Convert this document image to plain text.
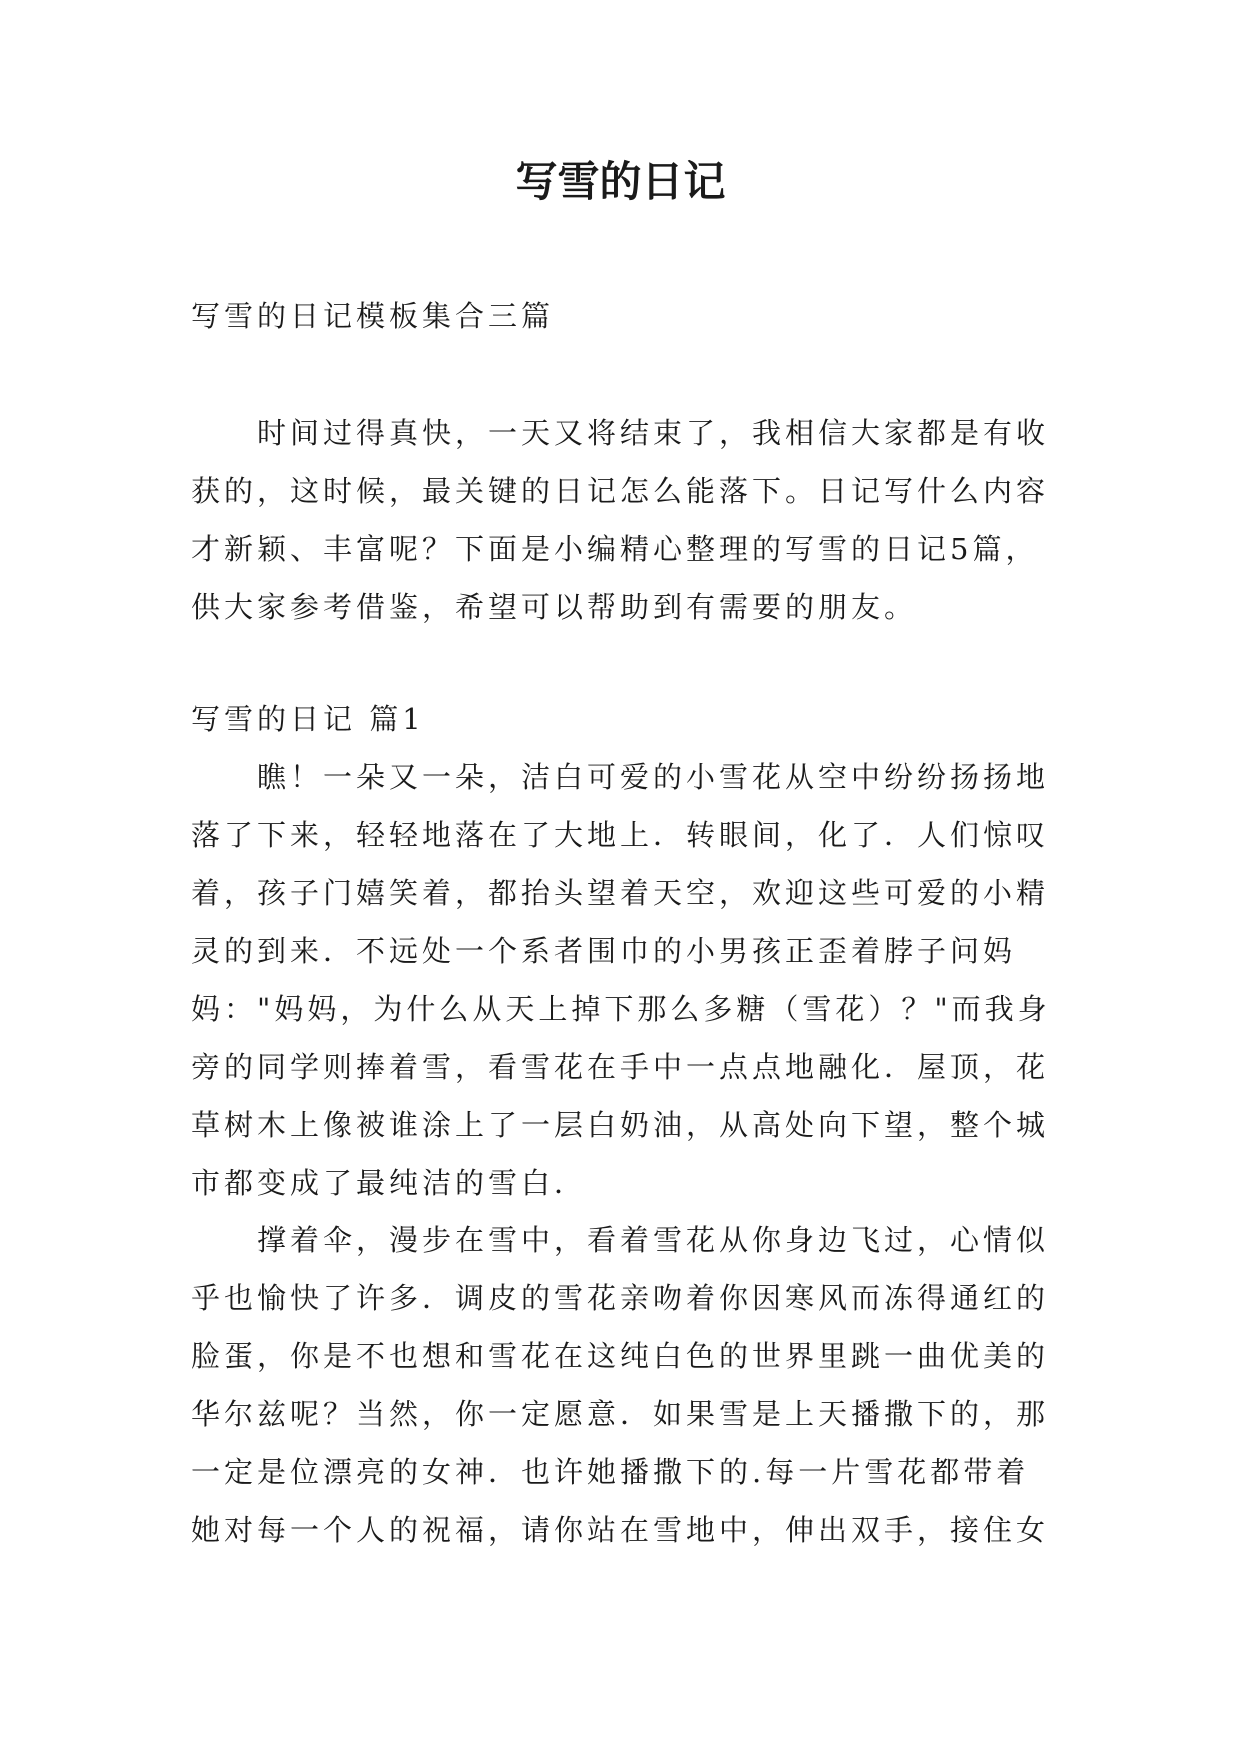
写雪的日记

写雪的日记模板集合三篇

时间过得真快，一天又将结束了，我相信大家都是有收
获的，这时候，最关键的日记怎么能落下。日记写什么内容
才新颖、丰富呢？下面是小编精心整理的写雪的日记5篇，
供大家参考借鉴，希望可以帮助到有需要的朋友。

写雪的日记 篇1

瞧！一朵又一朵，洁白可爱的小雪花从空中纷纷扬扬地
落了下来，轻轻地落在了大地上．转眼间，化了．人们惊叹
着，孩子门嬉笑着，都抬头望着天空，欢迎这些可爱的小精
灵的到来．不远处一个系者围巾的小男孩正歪着脖子问妈
妈："妈妈，为什么从天上掉下那么多糖（雪花）？"而我身
旁的同学则捧着雪，看雪花在手中一点点地融化．屋顶，花
草树木上像被谁涂上了一层白奶油，从高处向下望，整个城
市都变成了最纯洁的雪白．
撑着伞，漫步在雪中，看着雪花从你身边飞过，心情似
乎也愉快了许多．调皮的雪花亲吻着你因寒风而冻得通红的
脸蛋，你是不也想和雪花在这纯白色的世界里跳一曲优美的
华尔兹呢？当然，你一定愿意．如果雪是上天播撒下的，那
一定是位漂亮的女神．也许她播撒下的.每一片雪花都带着
她对每一个人的祝福，请你站在雪地中，伸出双手，接住女
